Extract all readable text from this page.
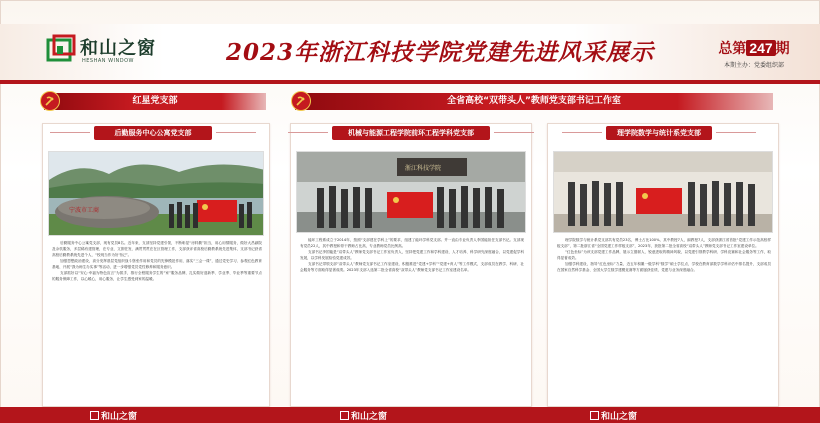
和山之窗
HESHAN WINDOW	2023年浙江科技学院党建先进风采展示	总第 247 期
本期主办：党委组织部
红星党支部	全省高校“双带头人”教师党支部书记工作室
后勤服务中心公寓党支部	机械与能源工程学院前环工程学科党支部	理学院数学与统计系党支部
宁波市工商
浙江科技学院

后勤服务中心公寓党支部，现有党员8名。近年来，支部坚持党建引领，不断彰显“房料勤”担当，用心用情服务，做好大昌副院及余杭服务，多层稀有建管理，在专业、文旅驻发、满贯贯贯在在区管理工作，支部获评省高校后勤教系统先进集体，支部书记获省高校后勤教系统先进个人，“校现当作为好书记”。

加强思想政治建设，高分发挥基层党组织战斗堡垒作用和党员的先锋模范作用，落实“三会一课”，通过党史学习、参观红色教育基地、开展“我为师生办实事”等活动，进一步增强党员党性修养和服务意识。

支部抓好以“安心·幸福为特色宣言”为抓手，推行全程服务学生的“家”服务品牌，扎实做好迎新季、学业季、毕业季等重要节点的服务保障工作，以心暖心，用心服务，让学生感受到家的温暖。

能环工程系成立于2014年，按照“支部建在学科上”的要求，组建了能环学科党支部。并一直由专业负责人李国能担任支部书记。支部现有党员22人，其中教授和骨干教师占比高，专业教师党员比例高。

支部书记李国能是“双带头人”教师党支部书记工作室负责人，坚持把党建工作和学科建设、人才培养、科学研究深度融合，以党建促学科发展，以学科发展检验党建成效。

支部书记带领支部“双带头人”教师党支部书记工作室建设，积极推进“党建+学科”“党建+育人”等工作模式，支部成员在教学、科研、社会服务等方面取得显著成绩。2023年支部入选第二批全省高校“双带头人”教师党支部书记工作室建设名单。

理学院数学与统计系党支部共有党员23名，博士占比100%，其中教授7人，副教授7人，支部获浙江省首批“党建工作示范高校样板支部”，第二批浙江省“全国党建工作样板支部”，2023年，获批第二批全省高校“双带头人”教师党支部书记工作室建设单位。

“红色坐标”为该支部党建工作品牌，展示立德树人、锐意进取的精神风貌，以党建引领教学科研、学科竞赛和社会服务等工作，取得显著成效。

加强学科建设，指导“红色坐标”力量，近五年积累一级学科“数学”硕士学位点，学校在教育部数学学科评估中排名提升，支部成员在国家自然科学基金、全国大学生数学建模竞赛等方面屡获佳绩，党建与业务深度融合。

和山之窗	和山之窗	和山之窗
